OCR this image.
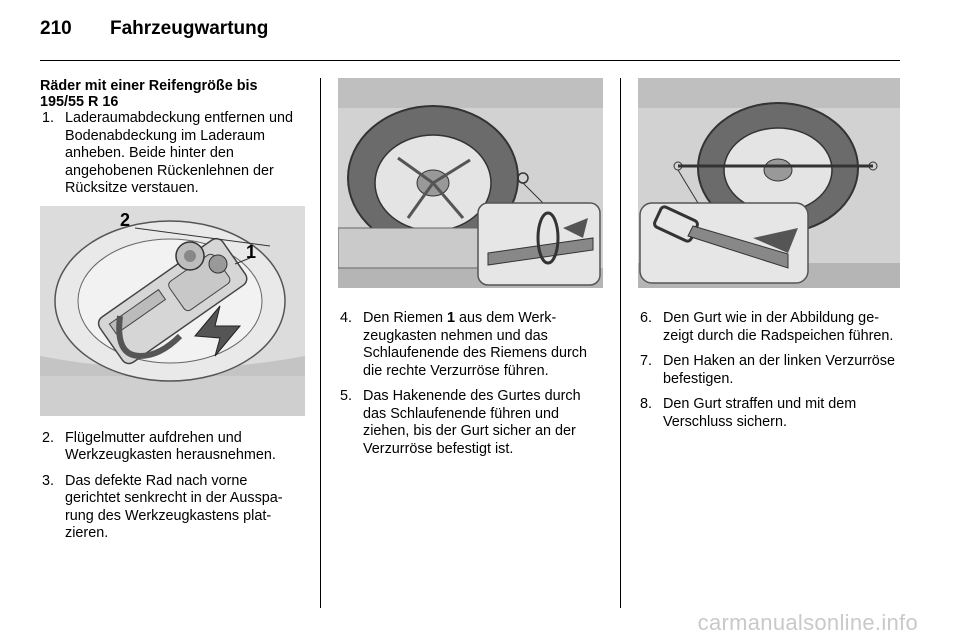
210 Fahrzeugwartung
Räder mit einer Reifengröße bis 195/55 R 16
1. Laderaumabdeckung entfernen und Bodenabdeckung im Laderaum anheben. Beide hinter den angehobenen Rückenlehnen der Rücksitze verstauen.
2
1
2. Flügelmutter aufdrehen und Werkzeugkasten herausnehmen.
3. Das defekte Rad nach vorne gerichtet senkrecht in der Aussparung des Werkzeugkastens platzieren.
4. Den Riemen 1 aus dem Werkzeugkasten nehmen und das Schlaufenende des Riemens durch die rechte Verzurröse führen.
5. Das Hakenende des Gurtes durch das Schlaufenende führen und ziehen, bis der Gurt sicher an der Verzurröse befestigt ist.
6. Den Gurt wie in der Abbildung gezeigt durch die Radspeichen führen.
7. Den Haken an der linken Verzurröse befestigen.
8. Den Gurt straffen und mit dem Verschluss sichern.
carmanualsonline.info
